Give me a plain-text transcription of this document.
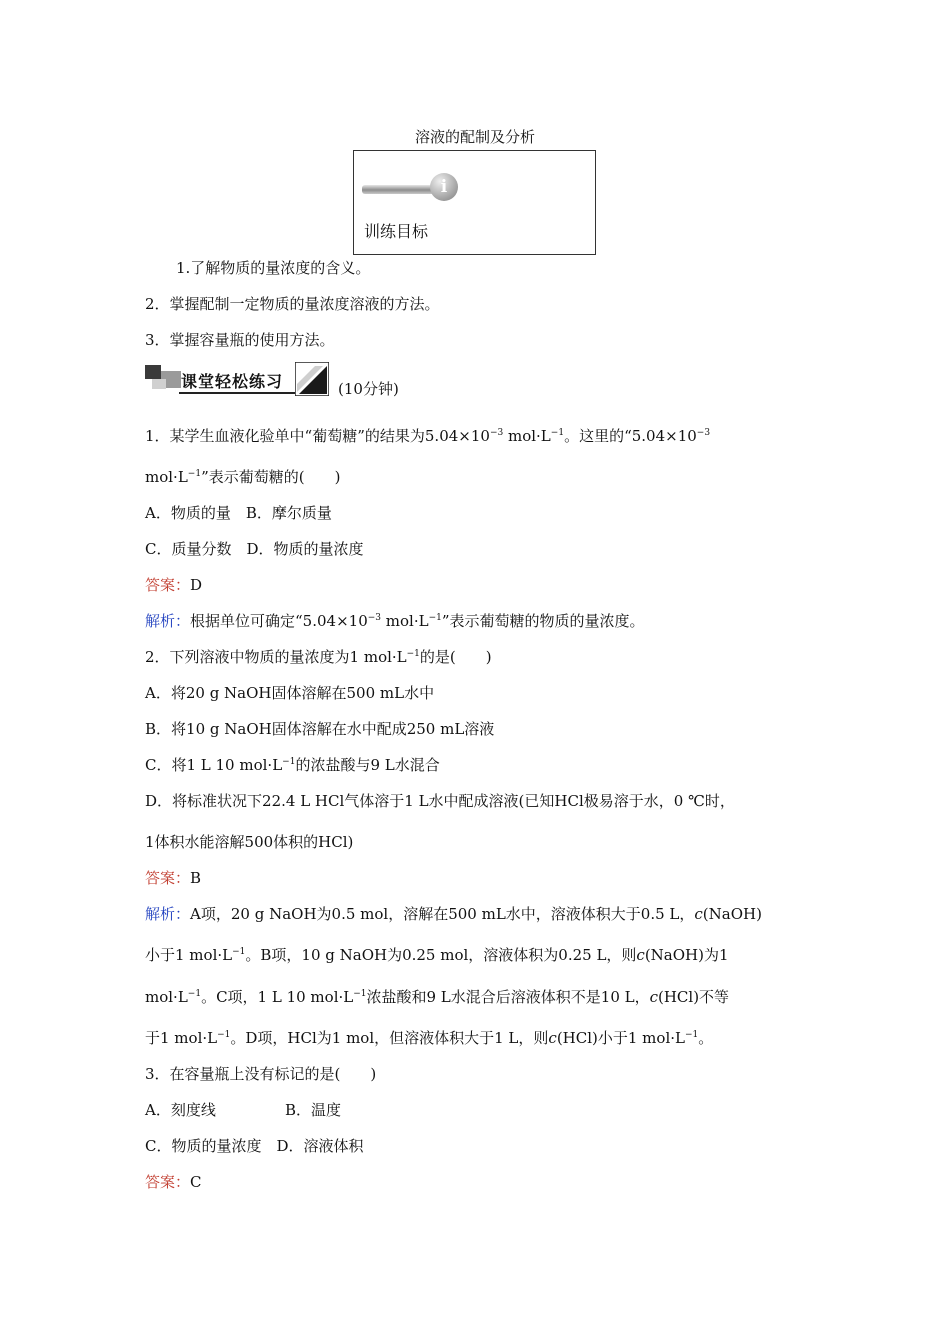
溶液的配制及分析
i
训练目标
1.了解物质的量浓度的含义。
2．掌握配制一定物质的量浓度溶液的方法。
3．掌握容量瓶的使用方法。
课堂轻松练习	(10分钟)
1．某学生血液化验单中“葡萄糖”的结果为$5.04\times 10^{-3}$ $mol\cdot L^{-1}$。这里的“$5.04\times 10^{-3}$
$mol\cdot L^{-1}$”表示葡萄糖的(　　)
A．物质的量　B．摩尔质量
C．质量分数　D．物质的量浓度
答案：D
解析：根据单位可确定“$5.04\times 10^{-3}$ $mol\cdot L^{-1}$”表示葡萄糖的物质的量浓度。
2．下列溶液中物质的量浓度为1 $mol\cdot L^{-1}$的是(　　)
A．将20 g NaOH固体溶解在500 mL水中
B．将10 g NaOH固体溶解在水中配成250 mL溶液
C．将1 L 10 $mol\cdot L^{-1}$的浓盐酸与9 L水混合
D．将标准状况下22.4 L HCl气体溶于1 L水中配成溶液(已知HCl极易溶于水，0 ℃时，
1体积水能溶解500体积的HCl)
答案：B
解析：A项，20 g NaOH为0.5 mol，溶解在500 mL水中，溶液体积大于0.5 L，c(NaOH)
小于1 $mol\cdot L^{-1}$。B项，10 g NaOH为0.25 mol，溶液体积为0.25 L，则c(NaOH)为1
$mol\cdot L^{-1}$。C项，1 L 10 $mol\cdot L^{-1}$浓盐酸和9 L水混合后溶液体积不是10 L，c(HCl)不等
于1 $mol\cdot L^{-1}$。D项，HCl为1 mol，但溶液体积大于1 L，则c(HCl)小于1 $mol\cdot L^{-1}$。
3．在容量瓶上没有标记的是(　　)
A．刻度线	B．温度
C．物质的量浓度　D．溶液体积
答案：C
